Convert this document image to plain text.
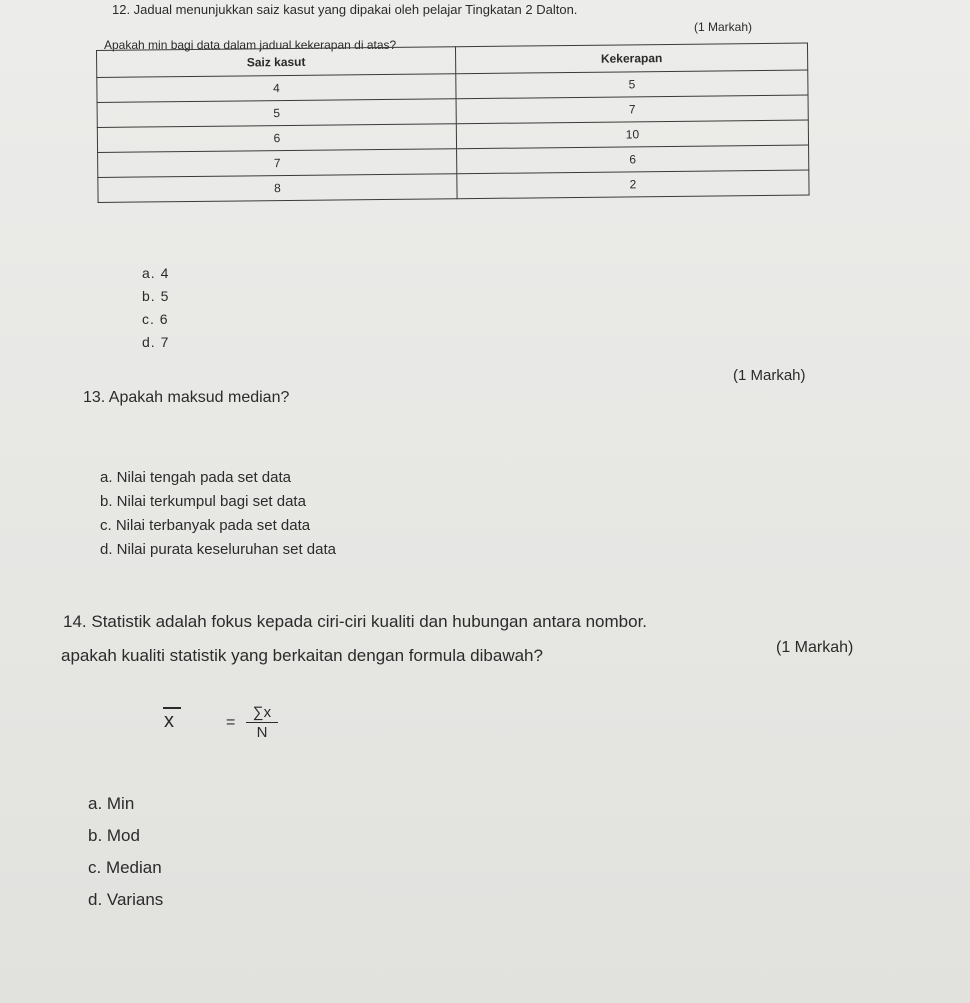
12. Jadual menunjukkan saiz kasut yang dipakai oleh pelajar Tingkatan 2 Dalton.
(1 Markah)
Apakah min bagi data dalam jadual kekerapan di atas?
Saiz kasut	Kekerapan
4	5
5	7
6	10
7	6
8	2
a. 4
b. 5
c. 6
d. 7
(1 Markah)
13. Apakah maksud median?
a. Nilai tengah pada set data
b. Nilai terkumpul bagi set data
c. Nilai terbanyak pada set data
d. Nilai purata keseluruhan set data
14. Statistik adalah fokus kepada ciri-ciri kualiti dan hubungan antara nombor.
apakah kualiti statistik yang berkaitan dengan formula dibawah?	(1 Markah)
x	= $\frac{\sum x}{N}$
a. Min
b. Mod
c. Median
d. Varians
